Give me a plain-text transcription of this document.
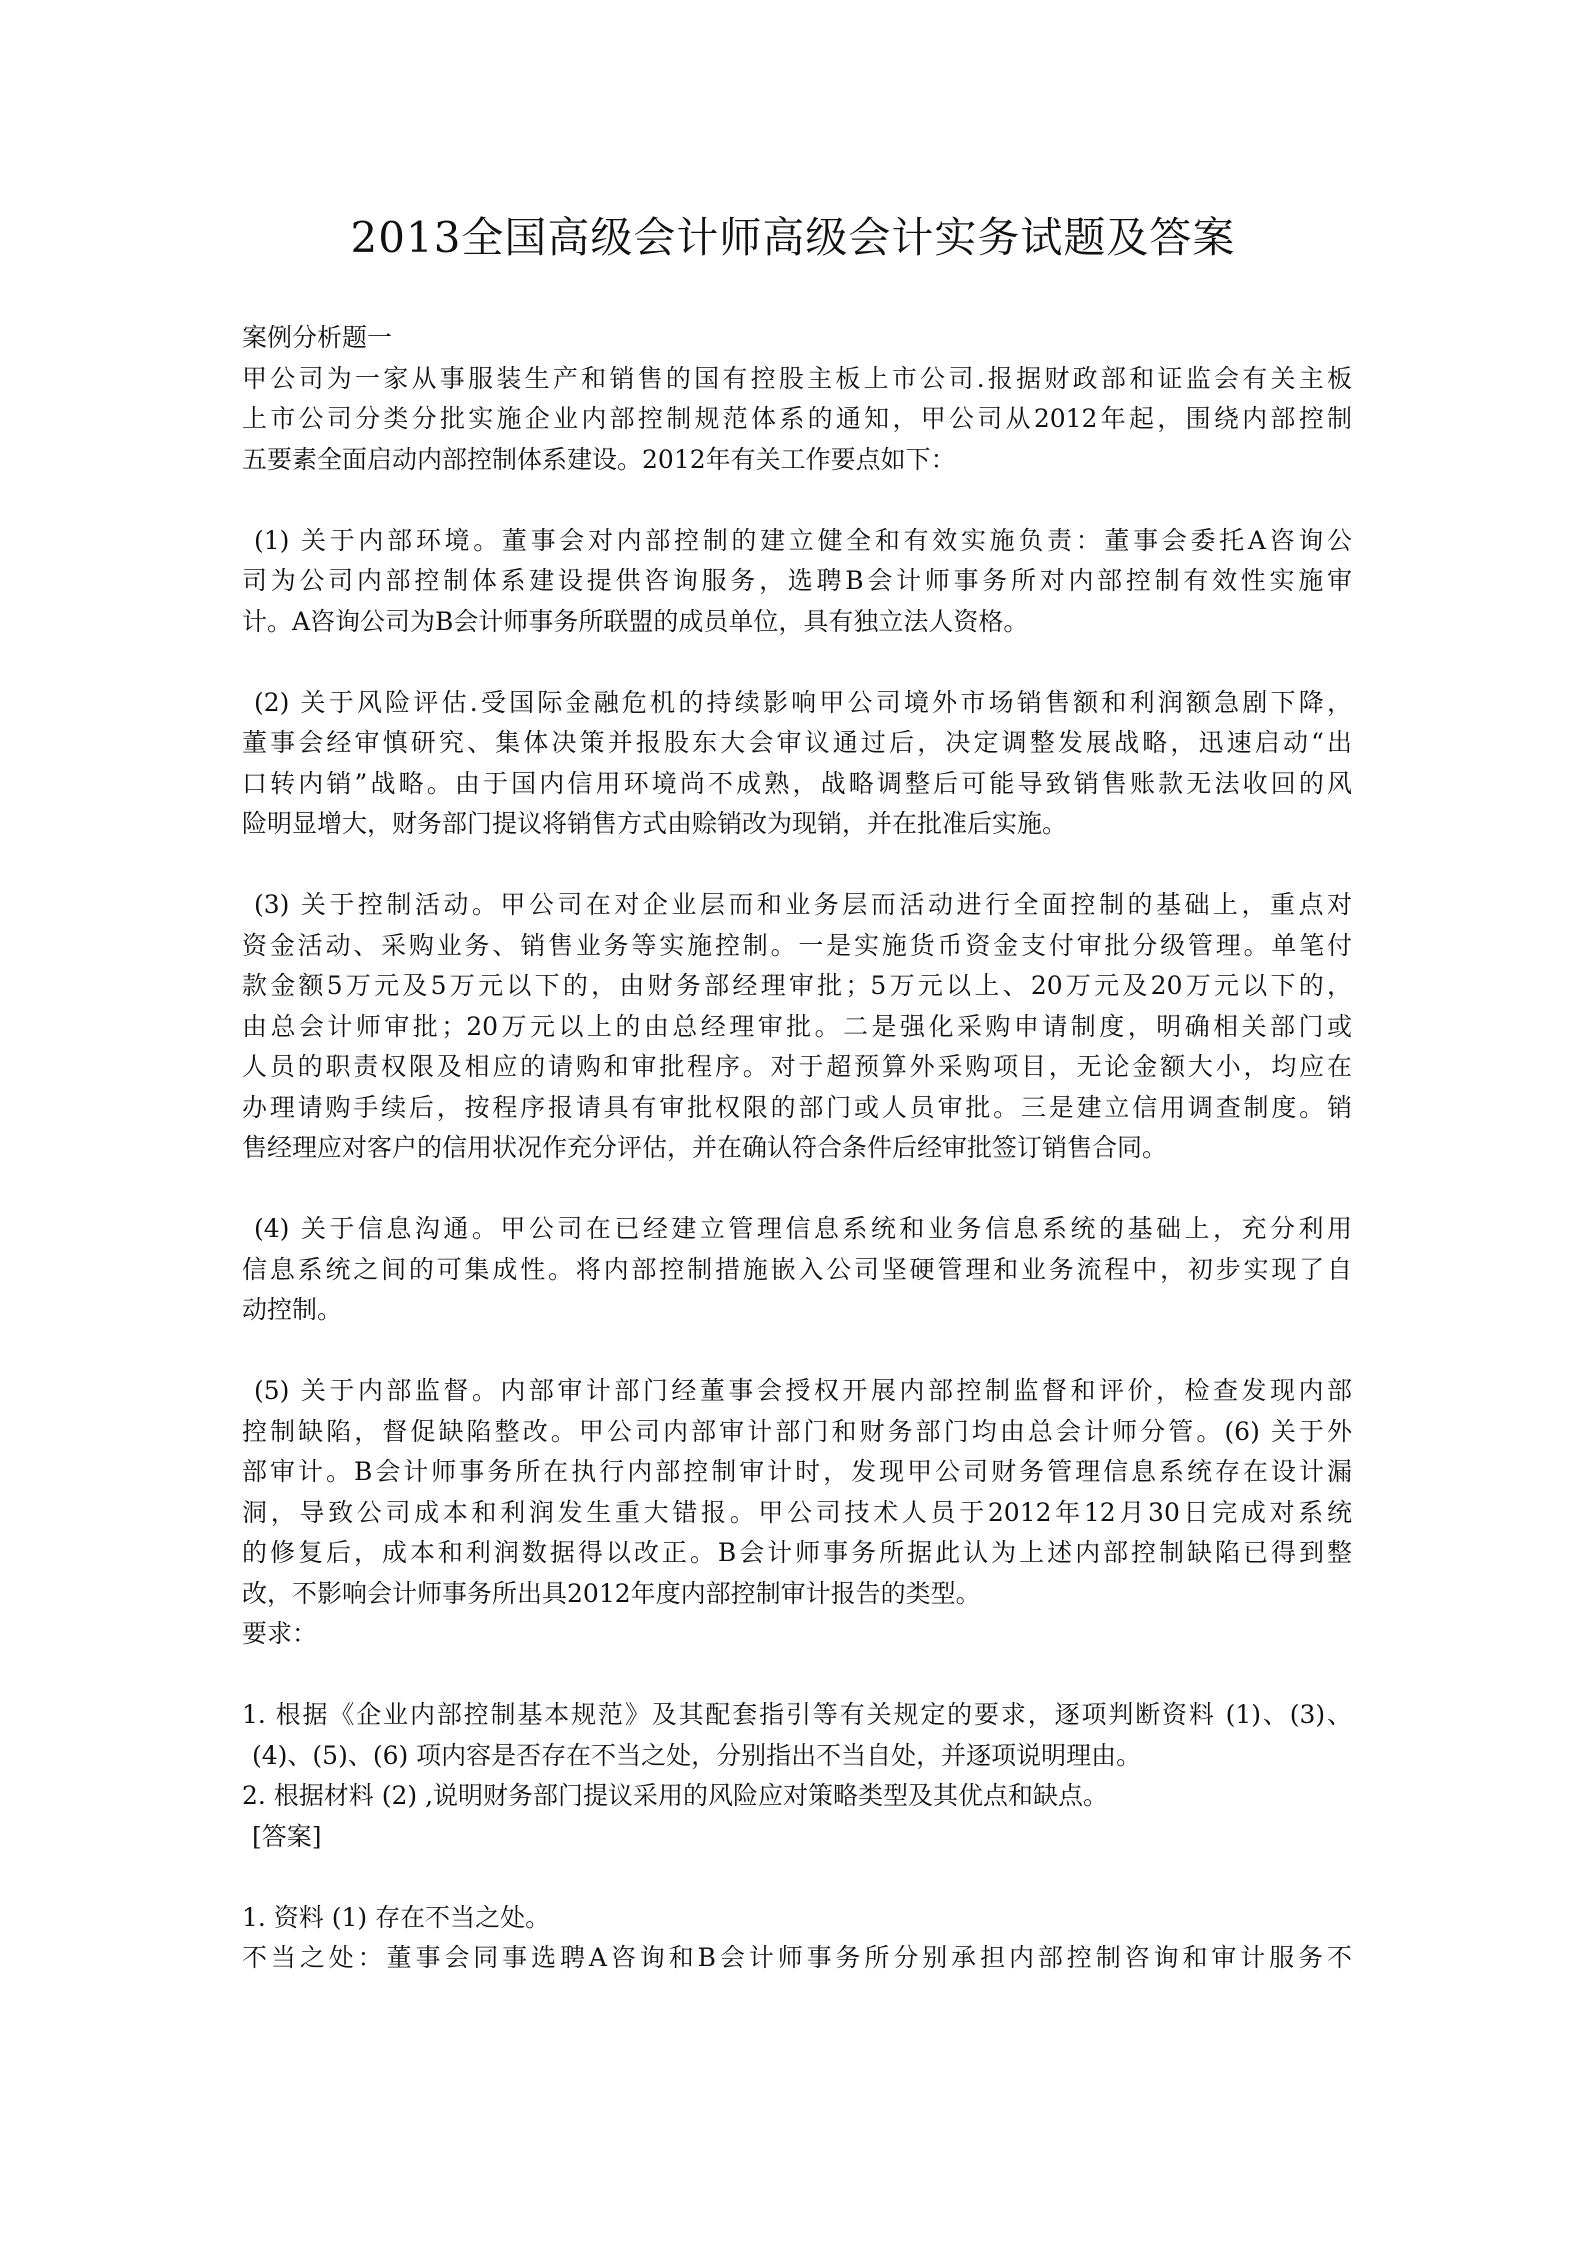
2013全国高级会计师高级会计实务试题及答案
案例分析题一
甲公司为一家从事服装生产和销售的国有控股主板上市公司.报据财政部和证监会有关主板
上市公司分类分批实施企业内部控制规范体系的通知，甲公司从2012年起，围绕内部控制
五要素全面启动内部控制体系建设。2012年有关工作要点如下：
(1) 关于内部环境。董事会对内部控制的建立健全和有效实施负责：董事会委托A咨询公
司为公司内部控制体系建设提供咨询服务，选聘B会计师事务所对内部控制有效性实施审
计。A咨询公司为B会计师事务所联盟的成员单位，具有独立法人资格。
(2) 关于风险评估.受国际金融危机的持续影响甲公司境外市场销售额和利润额急剧下降，
董事会经审慎研究、集体决策并报股东大会审议通过后，决定调整发展战略，迅速启动“出
口转内销”战略。由于国内信用环境尚不成熟，战略调整后可能导致销售账款无法收回的风
险明显增大，财务部门提议将销售方式由赊销改为现销，并在批准后实施。
(3) 关于控制活动。甲公司在对企业层而和业务层而活动进行全面控制的基础上，重点对
资金活动、采购业务、销售业务等实施控制。一是实施货币资金支付审批分级管理。单笔付
款金额5万元及5万元以下的，由财务部经理审批；5万元以上、20万元及20万元以下的，
由总会计师审批；20万元以上的由总经理审批。二是强化采购申请制度，明确相关部门或
人员的职责权限及相应的请购和审批程序。对于超预算外采购项目，无论金额大小，均应在
办理请购手续后，按程序报请具有审批权限的部门或人员审批。三是建立信用调查制度。销
售经理应对客户的信用状况作充分评估，并在确认符合条件后经审批签订销售合同。
(4) 关于信息沟通。甲公司在已经建立管理信息系统和业务信息系统的基础上，充分利用
信息系统之间的可集成性。将内部控制措施嵌入公司坚硬管理和业务流程中，初步实现了自
动控制。
(5) 关于内部监督。内部审计部门经董事会授权开展内部控制监督和评价，检查发现内部
控制缺陷，督促缺陷整改。甲公司内部审计部门和财务部门均由总会计师分管。(6) 关于外
部审计。B会计师事务所在执行内部控制审计时，发现甲公司财务管理信息系统存在设计漏
洞，导致公司成本和利润发生重大错报。甲公司技术人员于2012年12月30日完成对系统
的修复后，成本和利润数据得以改正。B会计师事务所据此认为上述内部控制缺陷已得到整
改，不影响会计师事务所出具2012年度内部控制审计报告的类型。
要求：
1. 根据《企业内部控制基本规范》及其配套指引等有关规定的要求，逐项判断资料 (1)、(3)、
(4)、(5)、(6) 项内容是否存在不当之处，分别指出不当自处，并逐项说明理由。
2. 根据材料 (2) ,说明财务部门提议采用的风险应对策略类型及其优点和缺点。
[答案]
1. 资料 (1) 存在不当之处。
不当之处：董事会同事选聘A咨询和B会计师事务所分别承担内部控制咨询和审计服务不
